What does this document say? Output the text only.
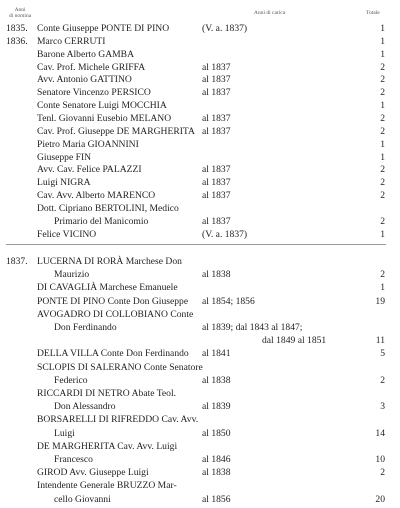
Anni
di nomina	Anni di carica	Totale
1835. Conte Giuseppe PONTE DI PINO	(V. a. 1837)	1
1836. Marco CERRUTI	1
Barone Alberto GAMBA	1
Cav. Prof. Michele GRIFFA	al 1837	2
Avv. Antonio GATTINO	al 1837	2
Senatore Vincenzo PERSICO	al 1837	2
Conte Senatore Luigi MOCCHIA	1
Tenl. Giovanni Eusebio MELANO	al 1837	2
Cav. Prof. Giuseppe DE MARGHERITA al 1837	2
Pietro Maria GIOANNINI	1
Giuseppe FIN	1
Avv. Cav. Felice PALAZZI	al 1837	2
Luigi NIGRA	al 1837	2
Cav. Avv. Alberto MARENCO	al 1837	2
Dott. Cipriano BERTOLINI, Medico
Primario del Manicomio	al 1837	2
Felice VICINO	(V. a. 1837)	1
1837. LUCERNA DI RORÀ Marchese Don
Maurizio	al 1838	2
DI CAVAGLIÀ Marchese Emanuele	1
PONTE DI PINO Conte Don Giuseppe al 1854; 1856	19
AVOGADRO DI COLLOBIANO Conte
Don Ferdinando	al 1839; dal 1843 al 1847;
dal 1849 al 1851	11
DELLA VILLA Conte Don Ferdinando al 1841	5
SCLOPIS DI SALERANO Conte Senatore
Federico	al 1838	2
RICCARDI DI NETRO Abate Teol.
Don Alessandro	al 1839	3
BORSARELLI DI RIFREDDO Cav. Avv.
Luigi	al 1850	14
DE MARGHERITA Cav. Avv. Luigi
Francesco	al 1846	10
GIROD Avv. Giuseppe Luigi	al 1838	2
Intendente Generale BRUZZO Mar-
cello Giovanni	al 1856	20
